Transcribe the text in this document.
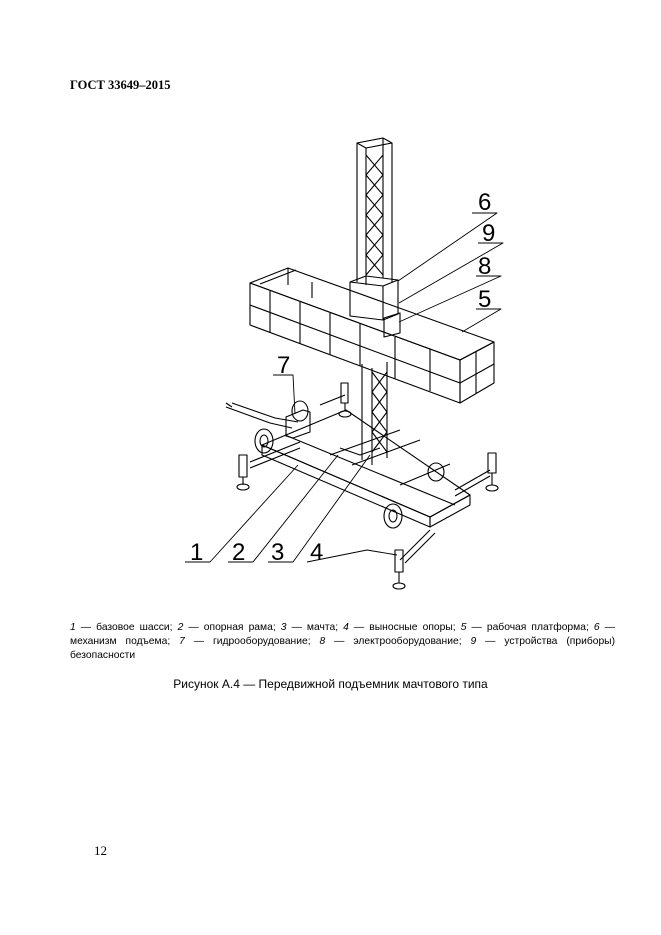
ГОСТ 33649–2015
6
9
8
5
7
1 2 3 4
1 — базовое шасси; 2 — опорная рама; 3 — мачта; 4 — выносные опоры; 5 — рабочая платформа; 6 — механизм подъема; 7 — гидрооборудование; 8 — электрооборудование; 9 — устройства (приборы) безопасности
Рисунок А.4 — Передвижной подъемник мачтового типа
12
